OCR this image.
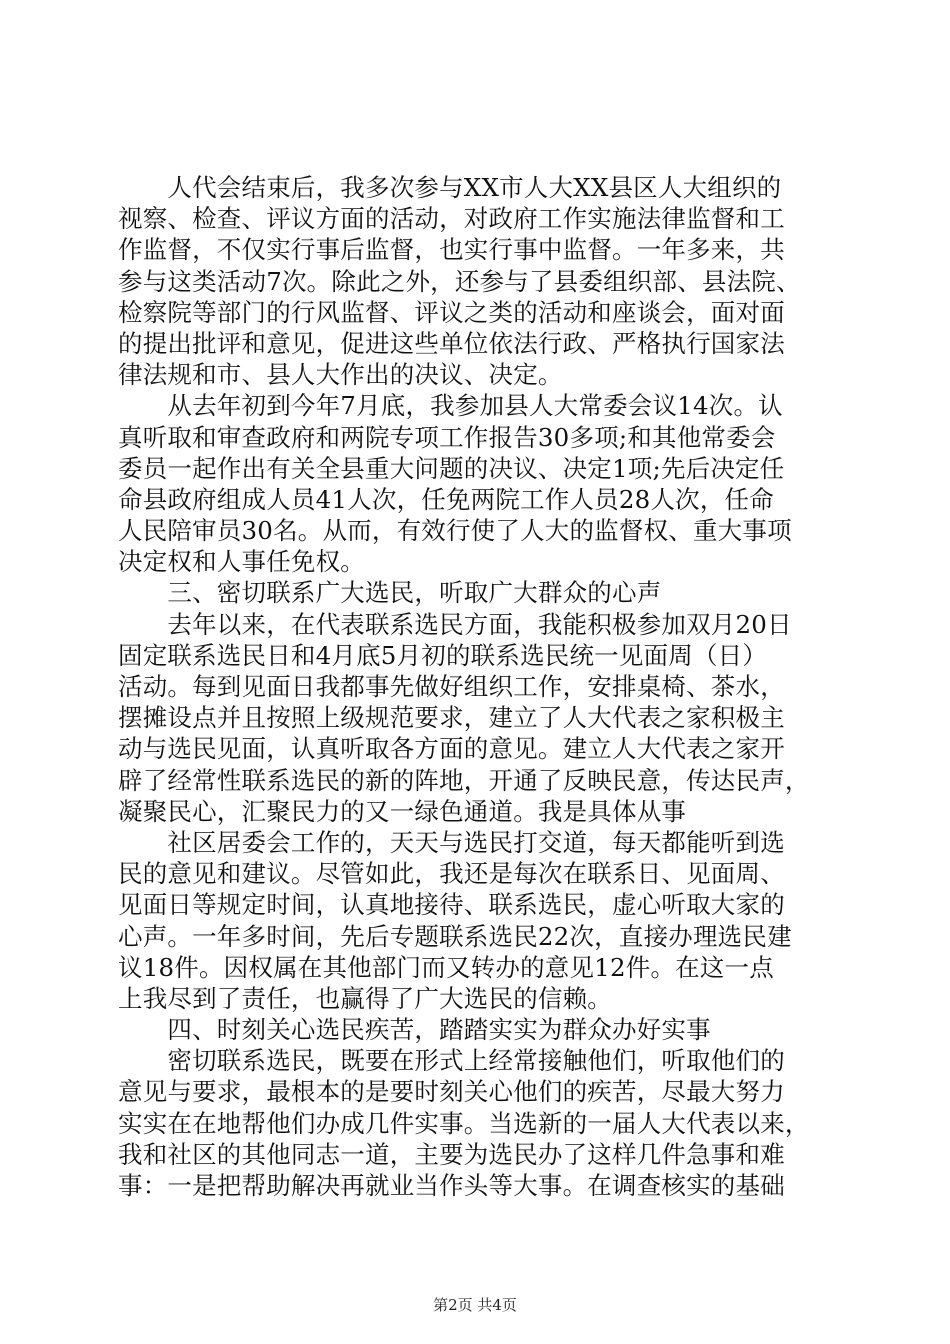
　　人代会结束后，我多次参与XX市人大XX县区人大组织的
视察、检查、评议方面的活动，对政府工作实施法律监督和工
作监督，不仅实行事后监督，也实行事中监督。一年多来，共
参与这类活动7次。除此之外，还参与了县委组织部、县法院、
检察院等部门的行风监督、评议之类的活动和座谈会，面对面
的提出批评和意见，促进这些单位依法行政、严格执行国家法
律法规和市、县人大作出的决议、决定。
　　从去年初到今年7月底，我参加县人大常委会议14次。认
真听取和审查政府和两院专项工作报告30多项;和其他常委会
委员一起作出有关全县重大问题的决议、决定1项;先后决定任
命县政府组成人员41人次，任免两院工作人员28人次，任命
人民陪审员30名。从而，有效行使了人大的监督权、重大事项
决定权和人事任免权。
　　三、密切联系广大选民，听取广大群众的心声
　　去年以来，在代表联系选民方面，我能积极参加双月20日
固定联系选民日和4月底5月初的联系选民统一见面周（日）
活动。每到见面日我都事先做好组织工作，安排桌椅、茶水，
摆摊设点并且按照上级规范要求，建立了人大代表之家积极主
动与选民见面，认真听取各方面的意见。建立人大代表之家开
辟了经常性联系选民的新的阵地，开通了反映民意，传达民声，
凝聚民心，汇聚民力的又一绿色通道。我是具体从事
　　社区居委会工作的，天天与选民打交道，每天都能听到选
民的意见和建议。尽管如此，我还是每次在联系日、见面周、
见面日等规定时间，认真地接待、联系选民，虚心听取大家的
心声。一年多时间，先后专题联系选民22次，直接办理选民建
议18件。因权属在其他部门而又转办的意见12件。在这一点
上我尽到了责任，也赢得了广大选民的信赖。
　　四、时刻关心选民疾苦，踏踏实实为群众办好实事
　　密切联系选民，既要在形式上经常接触他们，听取他们的
意见与要求，最根本的是要时刻关心他们的疾苦，尽最大努力
实实在在地帮他们办成几件实事。当选新的一届人大代表以来，
我和社区的其他同志一道，主要为选民办了这样几件急事和难
事：一是把帮助解决再就业当作头等大事。在调查核实的基础
第2页 共4页
